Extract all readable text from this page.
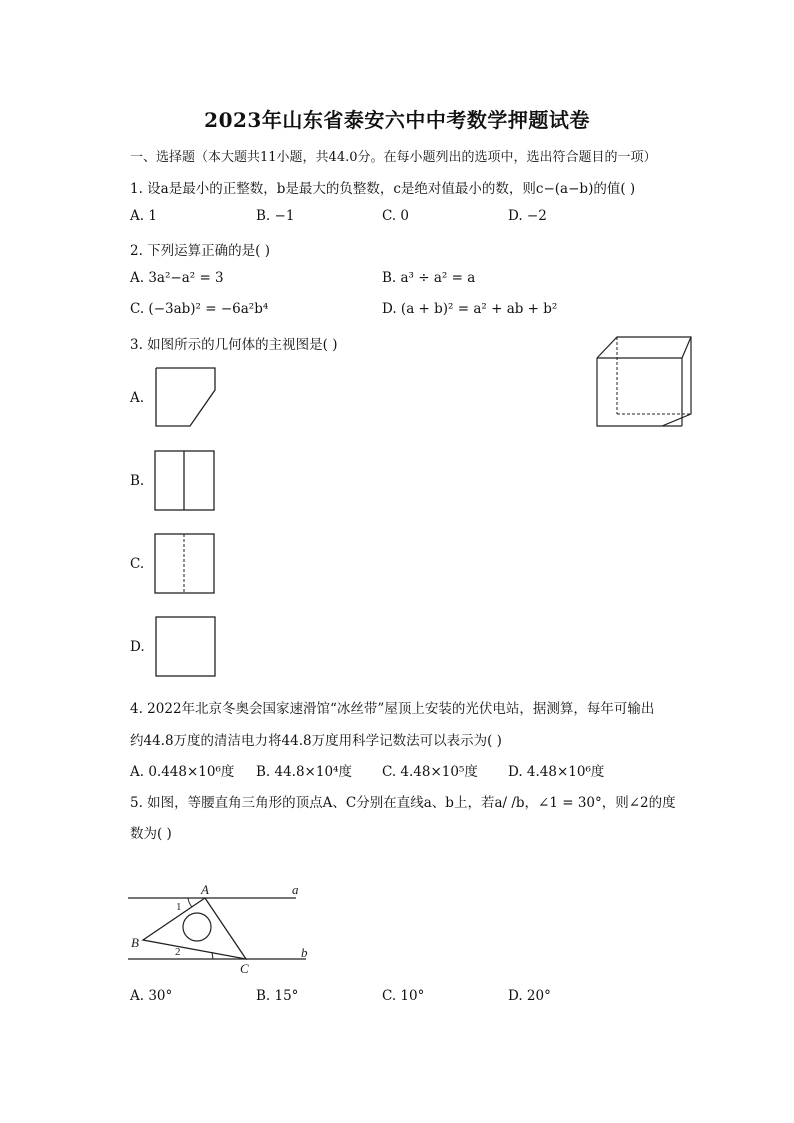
2023年山东省泰安六中中考数学押题试卷
一、选择题（本大题共11小题，共44.0分。在每小题列出的选项中，选出符合题目的一项）
1. 设a是最小的正整数，b是最大的负整数，c是绝对值最小的数，则c−(a−b)的值( )
A. 1	B. −1	C. 0	D. −2
2. 下列运算正确的是( )
A. 3a²−a² = 3	B. a³ ÷ a² = a
C. (−3ab)² = −6a²b⁴	D. (a + b)² = a² + ab + b²
3. 如图所示的几何体的主视图是( )
A.
B.
C.
D.
4. 2022年北京冬奥会国家速滑馆“冰丝带”屋顶上安装的光伏电站，据测算，每年可输出
约44.8万度的清洁电力将44.8万度用科学记数法可以表示为( )
A. 0.448×10⁶度 B. 44.8×10⁴度 C. 4.48×10⁵度 D. 4.48×10⁶度
5. 如图，等腰直角三角形的顶点A、C分别在直线a、b上，若a/ /b，∠1 = 30°，则∠2的度
数为( )
A	a
B
b
C
1
2
A. 30°	B. 15°	C. 10°	D. 20°
